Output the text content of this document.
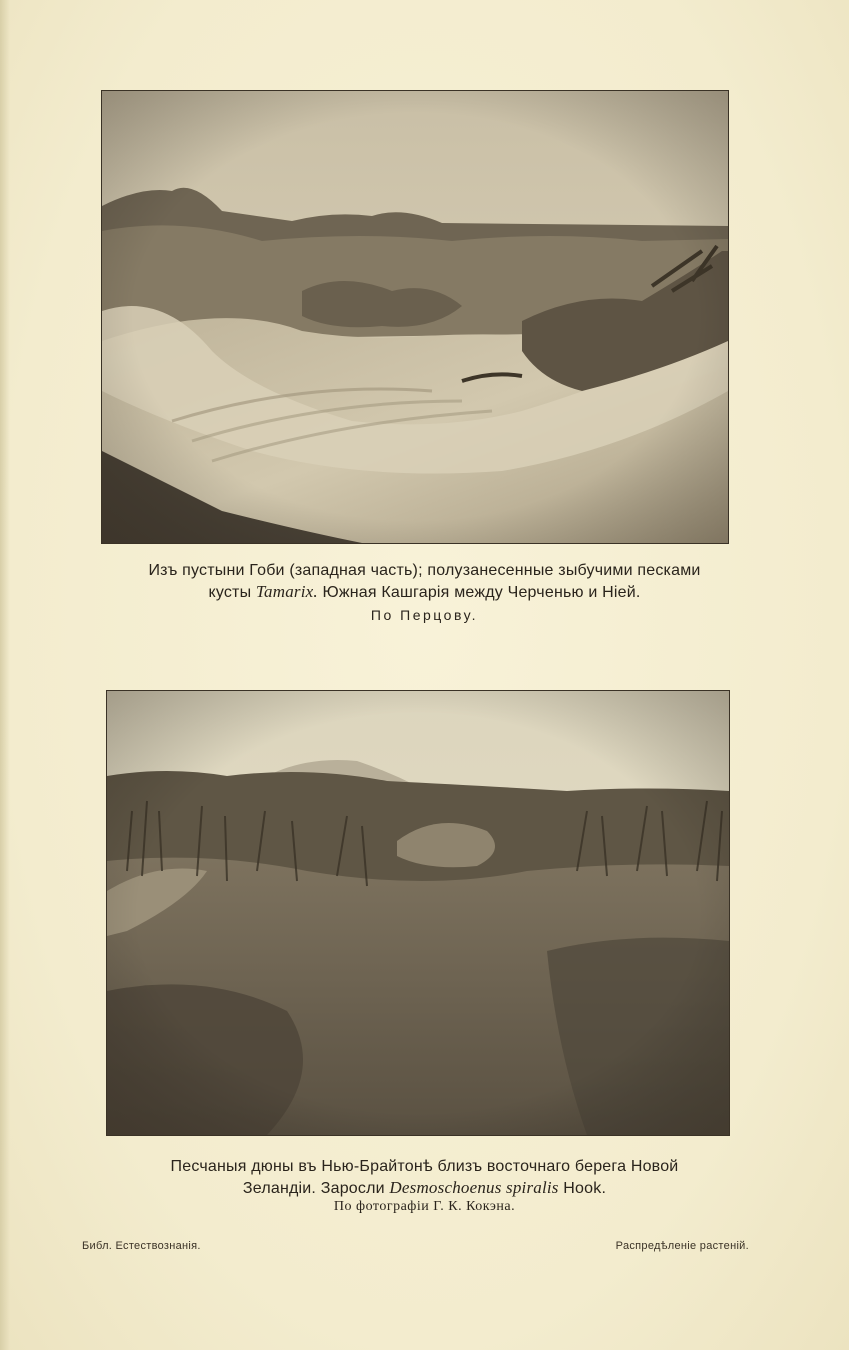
Изъ пустыни Гоби (западная часть); полузанесенные зыбучими песками
кусты Tamarix. Южная Кашгарія между Черченью и Ніей.
По Перцову.
Песчаныя дюны въ Нью-Брайтонѣ близъ восточнаго берега Новой
Зеландіи. Заросли Desmoschoenus spiralis Hook.
По фотографіи Г. К. Кокэна.
Библ. Естествознанія.	Распредѣленіе растеній.
